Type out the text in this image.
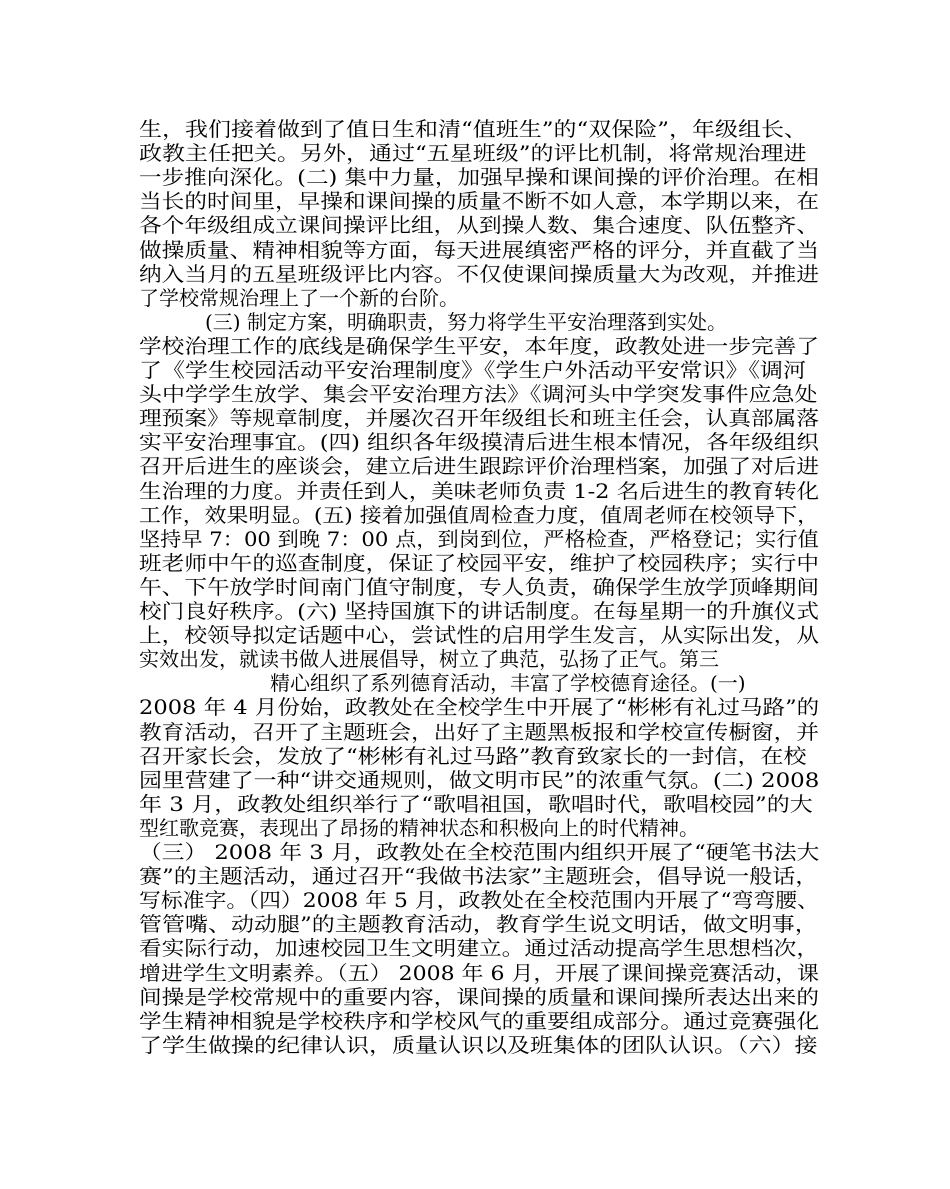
生，我们接着做到了值日生和清“值班生”的“双保险”，年级组长、
政教主任把关。另外，通过“五星班级”的评比机制，将常规治理进
一步推向深化。(二) 集中力量，加强早操和课间操的评价治理。在相
当长的时间里，早操和课间操的质量不断不如人意，本学期以来，在
各个年级组成立课间操评比组，从到操人数、集合速度、队伍整齐、
做操质量、精神相貌等方面，每天进展缜密严格的评分，并直截了当
纳入当月的五星班级评比内容。不仅使课间操质量大为改观，并推进
了学校常规治理上了一个新的台阶。
(三) 制定方案，明确职责，努力将学生平安治理落到实处。
学校治理工作的底线是确保学生平安，本年度，政教处进一步完善了
了《学生校园活动平安治理制度》《学生户外活动平安常识》《调河
头中学学生放学、集会平安治理方法》《调河头中学突发事件应急处
理预案》等规章制度，并屡次召开年级组长和班主任会，认真部属落
实平安治理事宜。(四) 组织各年级摸清后进生根本情况，各年级组织
召开后进生的座谈会，建立后进生跟踪评价治理档案，加强了对后进
生治理的力度。并责任到人，美味老师负责 1-2 名后进生的教育转化
工作，效果明显。(五) 接着加强值周检查力度，值周老师在校领导下，
坚持早 7：00 到晚 7：00 点，到岗到位，严格检查，严格登记；实行值
班老师中午的巡查制度，保证了校园平安，维护了校园秩序；实行中
午、下午放学时间南门值守制度，专人负责，确保学生放学顶峰期间
校门良好秩序。(六) 坚持国旗下的讲话制度。在每星期一的升旗仪式
上，校领导拟定话题中心，尝试性的启用学生发言，从实际出发，从
实效出发，就读书做人进展倡导，树立了典范，弘扬了正气。第三
精心组织了系列德育活动，丰富了学校德育途径。(一)
2008 年 4 月份始，政教处在全校学生中开展了“彬彬有礼过马路”的
教育活动，召开了主题班会，出好了主题黑板报和学校宣传橱窗，并
召开家长会，发放了“彬彬有礼过马路”教育致家长的一封信，在校
园里营建了一种“讲交通规则，做文明市民”的浓重气氛。(二) 2008
年 3 月，政教处组织举行了“歌唱祖国，歌唱时代，歌唱校园”的大
型红歌竞赛，表现出了昂扬的精神状态和积极向上的时代精神。
（三） 2008 年 3 月，政教处在全校范围内组织开展了“硬笔书法大
赛”的主题活动，通过召开“我做书法家”主题班会，倡导说一般话，
写标准字。（四）2008 年 5 月，政教处在全校范围内开展了“弯弯腰、
管管嘴、动动腿”的主题教育活动，教育学生说文明话，做文明事，
看实际行动，加速校园卫生文明建立。通过活动提高学生思想档次，
增进学生文明素养。（五） 2008 年 6 月，开展了课间操竞赛活动，课
间操是学校常规中的重要内容，课间操的质量和课间操所表达出来的
学生精神相貌是学校秩序和学校风气的重要组成部分。通过竞赛强化
了学生做操的纪律认识，质量认识以及班集体的团队认识。（六）接
